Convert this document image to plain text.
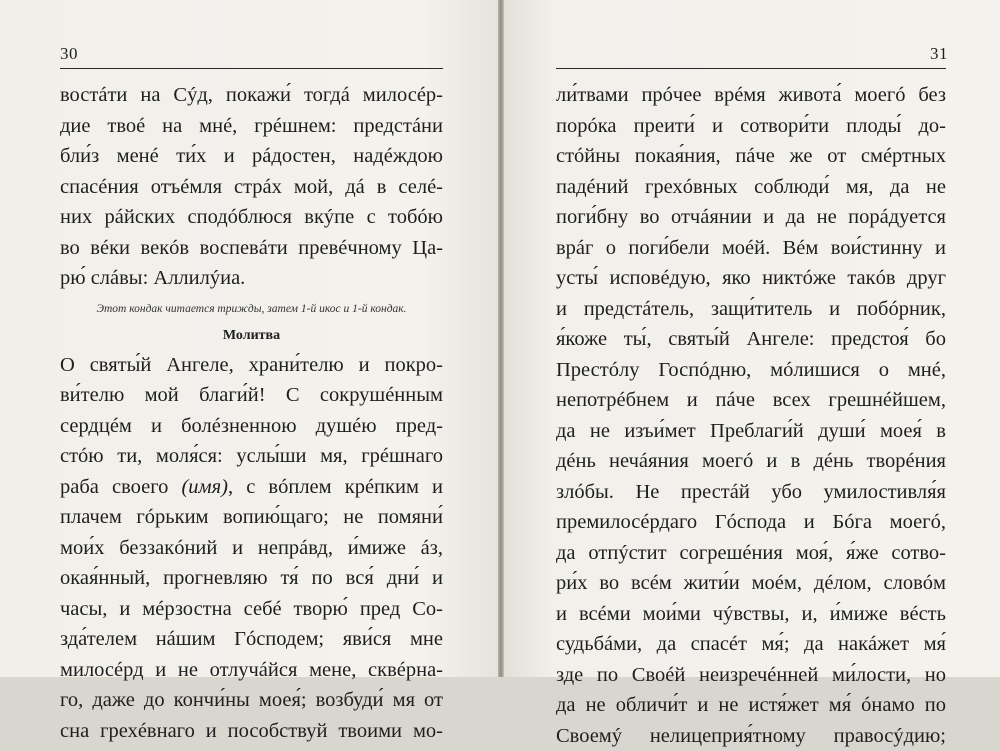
30
востáти на Сýд, покажи́ тогдá милосéр-
дие твоé на мнé, грéшнем: предстáни
бли́з менé ти́х и рáдостен, надéждою
спасéния отъéмля стрáх мой, дá в селé-
них рáйских сподóблюся вкýпе с тобóю
во вéки векóв воспевáти превéчному Ца-
рю́ слáвы: Аллилýиа.
Этот кондак читается трижды, затем 1-й икос и 1-й кондак.
Молитва
О святы́й Ангеле, храни́телю и покро-
ви́телю мой благи́й! С сокрушéнным
сердцéм и болéзненною душéю пред-
стóю ти, моля́ся: услы́ши мя, грéшнаго
раба своего (имя), с вóплем крéпким и
плачем гóрьким вопию́щаго; не помяни́
мои́х беззакóний и непрáвд, и́мижe áз,
окая́нный, прогневляю тя́ по вся́ дни́ и
часы, и мéрзостна себé творю́ пред Со-
зда́телем нáшим Гóсподем; яви́ся мне
милосéрд и не отлучáйся мене, сквéрна-
го, даже до кончи́ны моея́; возбуди́ мя от
сна грехéвнаго и пособствуй твоими мо-
31
ли́твами прóчее врéмя живота́ моегó без
порóка преити́ и сотвори́ти плоды́ до-
стóйны покая́ния, пáче же от смéртных
падéний грехóвных соблюди́ мя, да не
поги́бну во отчáянии и да не порáдуется
врáг о поги́бели моéй. Вéм вои́стинну и
усты́ исповéдую, яко никтóже такóв друг
и предстáтель, защи́титель и побóрник,
я́коже ты́, святы́й Ангеле: предстоя́ бо
Престóлу Госпóдню, мóлишися о мнé,
непотрéбнем и пáче всех грешнéйшем,
да не изъи́мет Преблаги́й души́ моея́ в
дéнь нечáяния моегó и в дéнь творéния
злóбы. Не престáй убо умилостивля́я
премилосéрдаго Гóспода и Бóга моегó,
да отпýстит согрешéния моя́, я́же сотво-
ри́х во всéм жити́и моéм, дéлом, словóм
и всéми мои́ми чýвствы, и, и́мижe вéсть
судьбáми, да спасéт мя́; да накáжет мя́
зде по Своéй неизречéнней ми́лости, но
да не обличи́т и не истя́жет мя́ óнамо по
Своемý нелицеприя́тному правосýдию;
